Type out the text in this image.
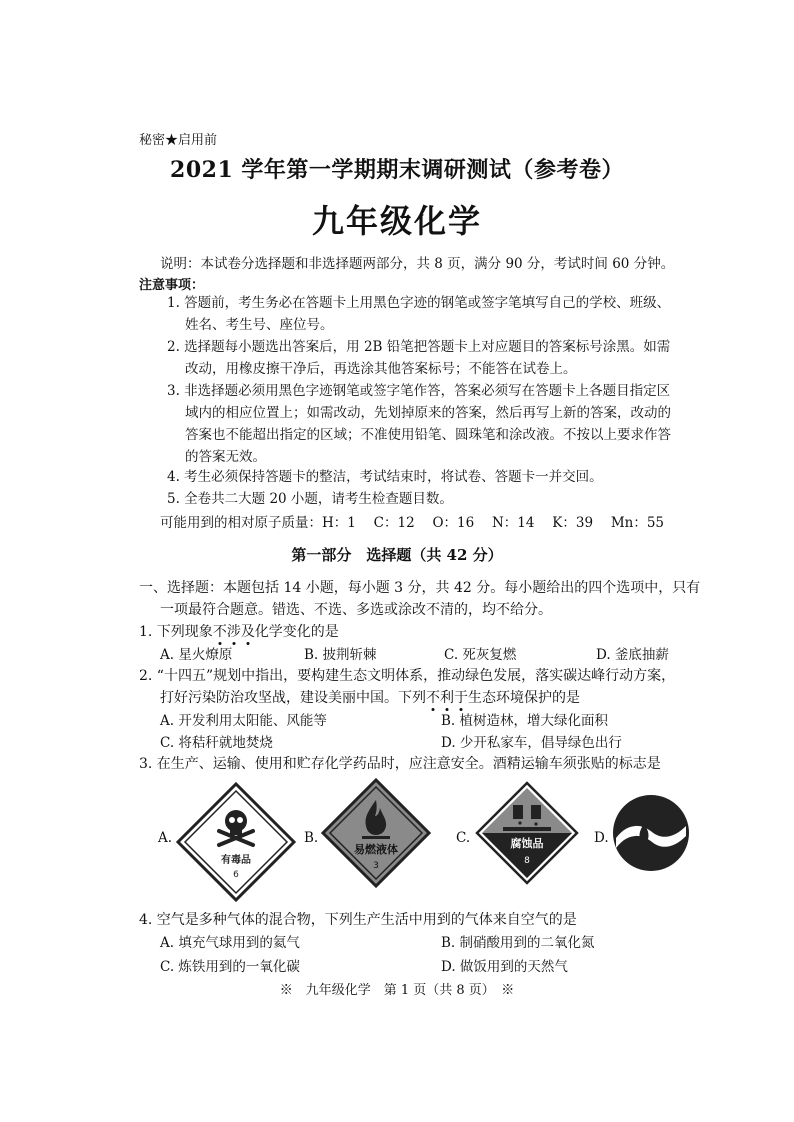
秘密★启用前
2021 学年第一学期期末调研测试（参考卷）
九年级化学
说明：本试卷分选择题和非选择题两部分，共 8 页，满分 90 分，考试时间 60 分钟。
注意事项：
1. 答题前，考生务必在答题卡上用黑色字迹的钢笔或签字笔填写自己的学校、班级、
姓名、考生号、座位号。
2. 选择题每小题选出答案后，用 2B 铅笔把答题卡上对应题目的答案标号涂黑。如需
改动，用橡皮擦干净后，再选涂其他答案标号；不能答在试卷上。
3. 非选择题必须用黑色字迹钢笔或签字笔作答，答案必须写在答题卡上各题目指定区
域内的相应位置上；如需改动，先划掉原来的答案，然后再写上新的答案，改动的
答案也不能超出指定的区域；不准使用铅笔、圆珠笔和涂改液。不按以上要求作答
的答案无效。
4. 考生必须保持答题卡的整洁，考试结束时，将试卷、答题卡一并交回。
5. 全卷共二大题 20 小题，请考生检查题目数。
可能用到的相对原子质量：H：1　 C：12　 O：16　 N：14　 K：39　 Mn：55
第一部分　选择题（共 42 分）
一、选择题：本题包括 14 小题，每小题 3 分，共 42 分。每小题给出的四个选项中，只有
一项最符合题意。错选、不选、多选或涂改不清的，均不给分。
1. 下列现象不涉及化学变化的是
A. 星火燎原	B. 披荆斩棘	C. 死灰复燃	D. 釜底抽薪
2. “十四五”规划中指出，要构建生态文明体系，推动绿色发展，落实碳达峰行动方案，
打好污染防治攻坚战，建设美丽中国。下列不利于生态环境保护的是
A. 开发利用太阳能、风能等	B. 植树造林，增大绿化面积
C. 将秸秆就地焚烧	D. 少开私家车，倡导绿色出行
3. 在生产、运输、使用和贮存化学药品时，应注意安全。酒精运输车须张贴的标志是
A.	B.	C.	D.
有毒品
6
易燃液体
3
腐蚀品
8
4. 空气是多种气体的混合物，下列生产生活中用到的气体来自空气的是
A. 填充气球用到的氦气	B. 制硝酸用到的二氧化氮
C. 炼铁用到的一氧化碳	D. 做饭用到的天然气
※　九年级化学　第 1 页（共 8 页）　※
